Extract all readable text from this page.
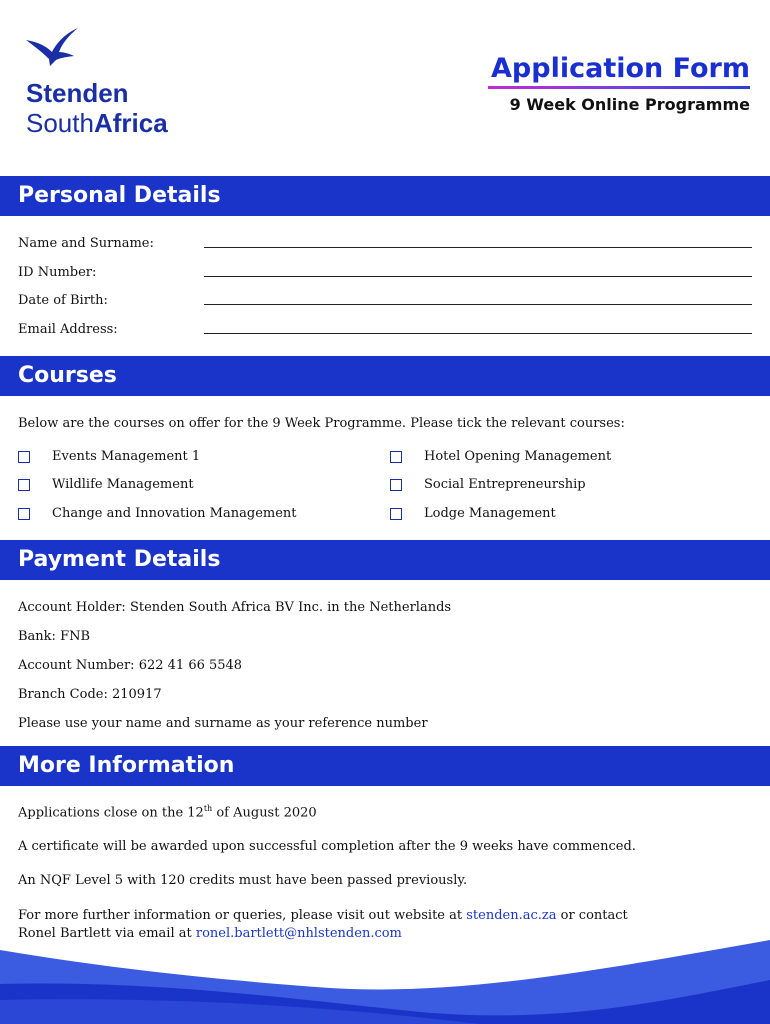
Stenden
SouthAfrica
Application Form
9 Week Online Programme
Personal Details
Name and Surname:
ID Number:
Date of Birth:
Email Address:
Courses
Below are the courses on offer for the 9 Week Programme. Please tick the relevant courses:
Events Management 1
Wildlife Management
Change and Innovation Management
Hotel Opening Management
Social Entrepreneurship
Lodge Management
Payment Details
Account Holder: Stenden South Africa BV Inc. in the Netherlands
Bank: FNB
Account Number: 622 41 66 5548
Branch Code: 210917
Please use your name and surname as your reference number
More Information
Applications close on the 12th of August 2020
A certificate will be awarded upon successful completion after the 9 weeks have commenced.
An NQF Level 5 with 120 credits must have been passed previously.
For more further information or queries, please visit out website at stenden.ac.za or contact
Ronel Bartlett via email at ronel.bartlett@nhlstenden.com
